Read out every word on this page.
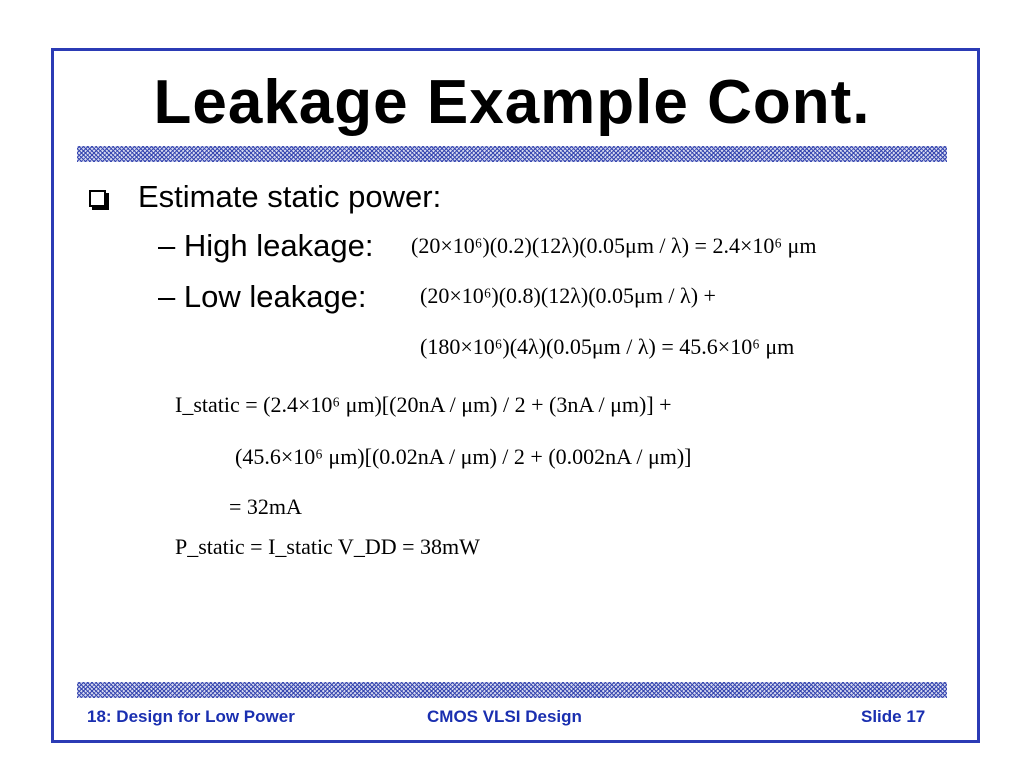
Leakage Example Cont.
Estimate static power:
– High leakage:
– Low leakage:
(20×10⁶)(0.2)(12λ)(0.05μm / λ) = 2.4×10⁶ μm
(20×10⁶)(0.8)(12λ)(0.05μm / λ) +
(180×10⁶)(4λ)(0.05μm / λ) = 45.6×10⁶ μm
I_static = (2.4×10⁶ μm)[(20nA / μm) / 2 + (3nA / μm)] +
(45.6×10⁶ μm)[(0.02nA / μm) / 2 + (0.002nA / μm)]
= 32mA
P_static = I_static V_DD = 38mW
18: Design for Low Power	CMOS VLSI Design	Slide 17
